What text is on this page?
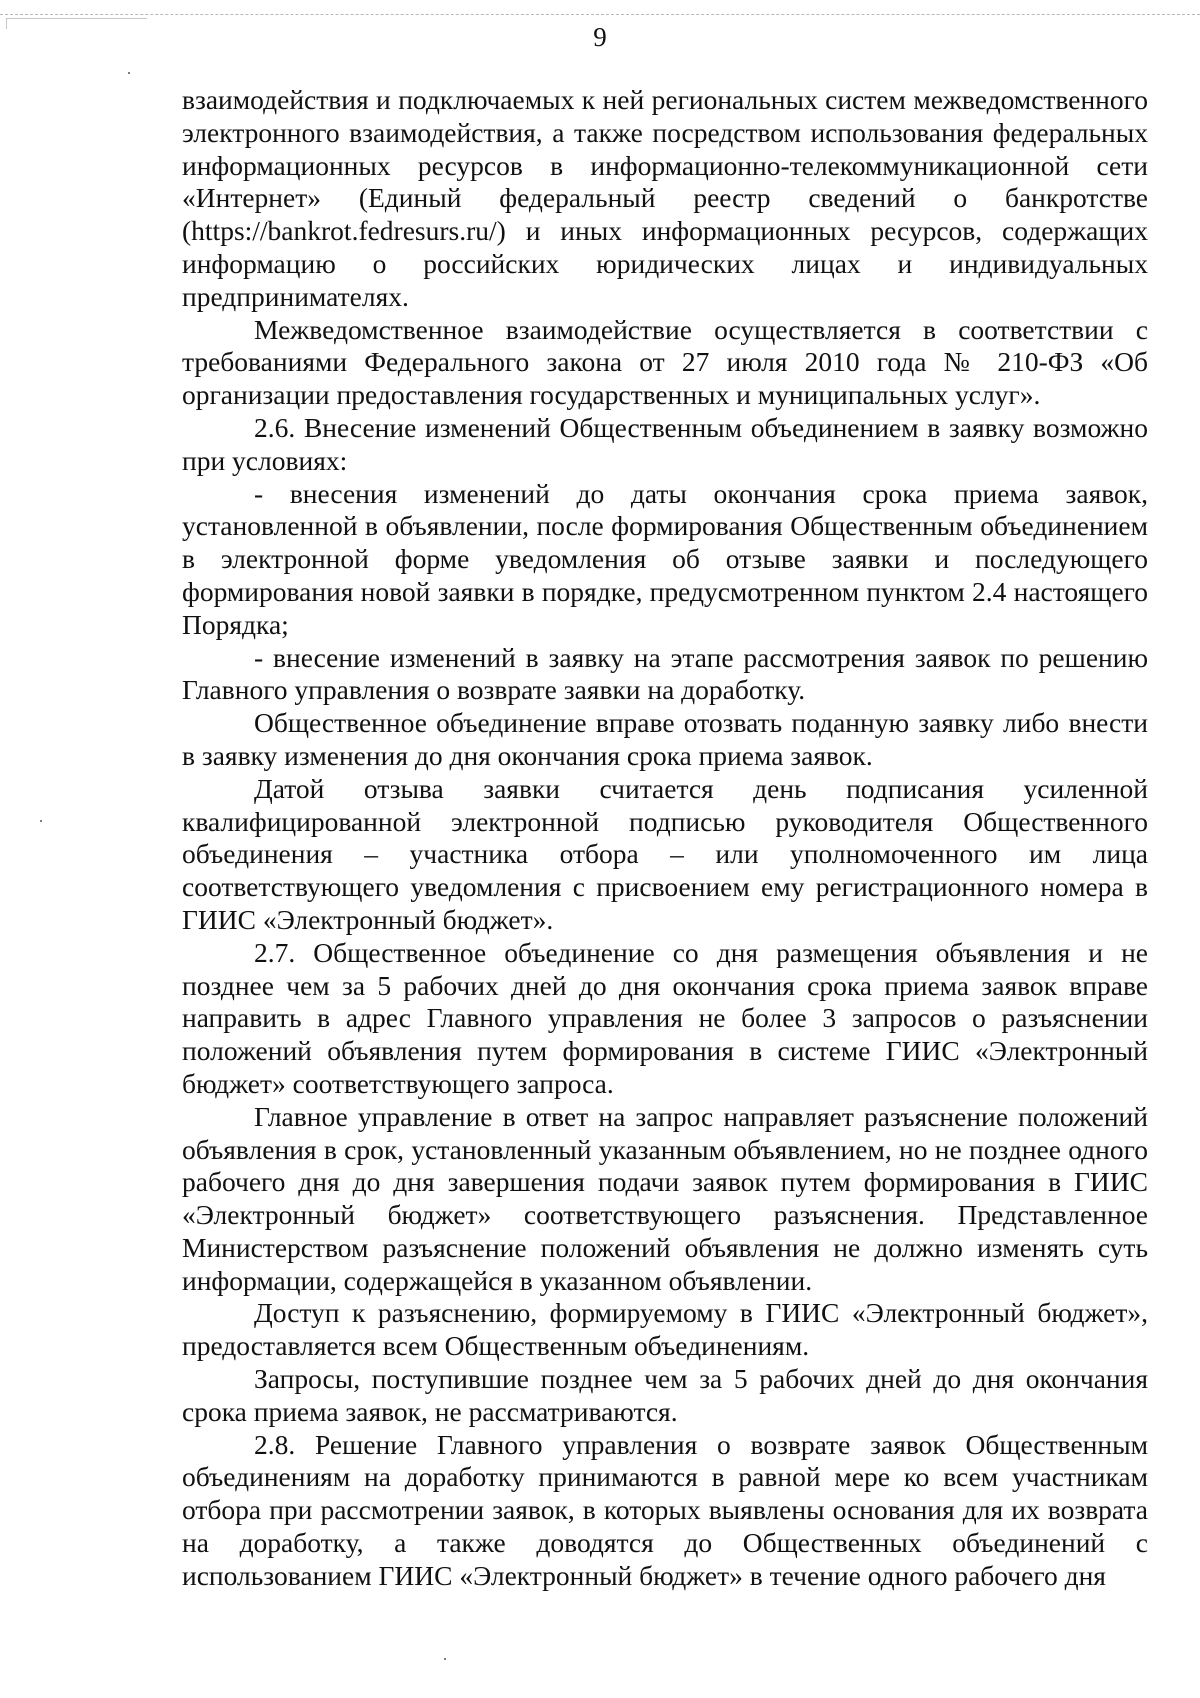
9

взаимодействия и подключаемых к ней региональных систем межведомственного электронного взаимодействия, а также посредством использования федеральных информационных ресурсов в информационно-телекоммуникационной сети «Интернет» (Единый федеральный реестр сведений о банкротстве (https://bankrot.fedresurs.ru/) и иных информационных ресурсов, содержащих информацию о российских юридических лицах и индивидуальных предпринимателях.

Межведомственное взаимодействие осуществляется в соответствии с требованиями Федерального закона от 27 июля 2010 года № 210-ФЗ «Об организации предоставления государственных и муниципальных услуг».

2.6. Внесение изменений Общественным объединением в заявку возможно при условиях:

- внесения изменений до даты окончания срока приема заявок, установленной в объявлении, после формирования Общественным объединением в электронной форме уведомления об отзыве заявки и последующего формирования новой заявки в порядке, предусмотренном пунктом 2.4 настоящего Порядка;

- внесение изменений в заявку на этапе рассмотрения заявок по решению Главного управления о возврате заявки на доработку.

Общественное объединение вправе отозвать поданную заявку либо внести в заявку изменения до дня окончания срока приема заявок.

Датой отзыва заявки считается день подписания усиленной квалифицированной электронной подписью руководителя Общественного объединения – участника отбора – или уполномоченного им лица соответствующего уведомления с присвоением ему регистрационного номера в ГИИС «Электронный бюджет».

2.7. Общественное объединение со дня размещения объявления и не позднее чем за 5 рабочих дней до дня окончания срока приема заявок вправе направить в адрес Главного управления не более 3 запросов о разъяснении положений объявления путем формирования в системе ГИИС «Электронный бюджет» соответствующего запроса.

Главное управление в ответ на запрос направляет разъяснение положений объявления в срок, установленный указанным объявлением, но не позднее одного рабочего дня до дня завершения подачи заявок путем формирования в ГИИС «Электронный бюджет» соответствующего разъяснения. Представленное Министерством разъяснение положений объявления не должно изменять суть информации, содержащейся в указанном объявлении.

Доступ к разъяснению, формируемому в ГИИС «Электронный бюджет», предоставляется всем Общественным объединениям.

Запросы, поступившие позднее чем за 5 рабочих дней до дня окончания срока приема заявок, не рассматриваются.

2.8. Решение Главного управления о возврате заявок Общественным объединениям на доработку принимаются в равной мере ко всем участникам отбора при рассмотрении заявок, в которых выявлены основания для их возврата на доработку, а также доводятся до Общественных объединений с использованием ГИИС «Электронный бюджет» в течение одного рабочего дня
